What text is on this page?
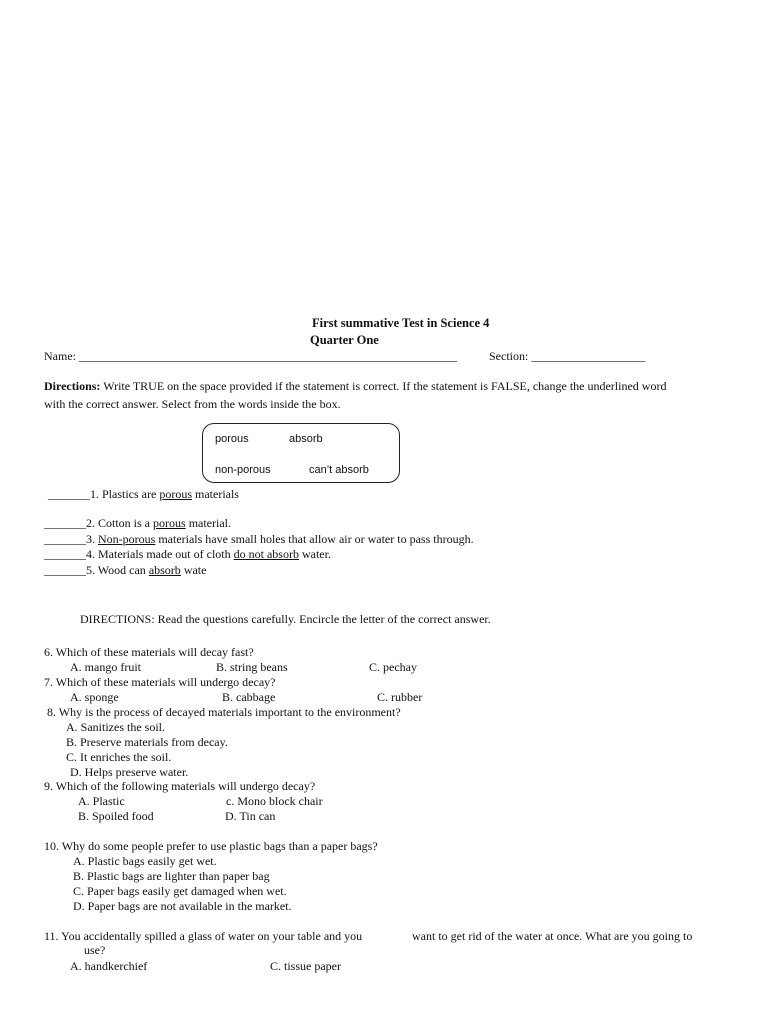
First summative Test in Science 4
Quarter One
Name: _______________________________________________________________	Section: ___________________
Directions: Write TRUE on the space provided if the statement is correct. If the statement is FALSE, change the underlined word
with the correct answer. Select from the words inside the box.
porous	absorb
non-porous	can’t absorb
_______1. Plastics are porous materials
_______2. Cotton is a porous material.
_______3. Non-porous materials have small holes that allow air or water to pass through.
_______4. Materials made out of cloth do not absorb water.
_______5. Wood can absorb wate
DIRECTIONS: Read the questions carefully. Encircle the letter of the correct answer.
6. Which of these materials will decay fast?
A. mango fruit	B. string beans	C. pechay
7. Which of these materials will undergo decay?
A. sponge	B. cabbage	C. rubber
8. Why is the process of decayed materials important to the environment?
A. Sanitizes the soil.
B. Preserve materials from decay.
C. It enriches the soil.
D. Helps preserve water.
9. Which of the following materials will undergo decay?
A. Plastic	c. Mono block chair
B. Spoiled food	D. Tin can
10. Why do some people prefer to use plastic bags than a paper bags?
A. Plastic bags easily get wet.
B. Plastic bags are lighter than paper bag
C. Paper bags easily get damaged when wet.
D. Paper bags are not available in the market.
11. You accidentally spilled a glass of water on your table and you	want to get rid of the water at once. What are you going to
use?
A. handkerchief	C. tissue paper
